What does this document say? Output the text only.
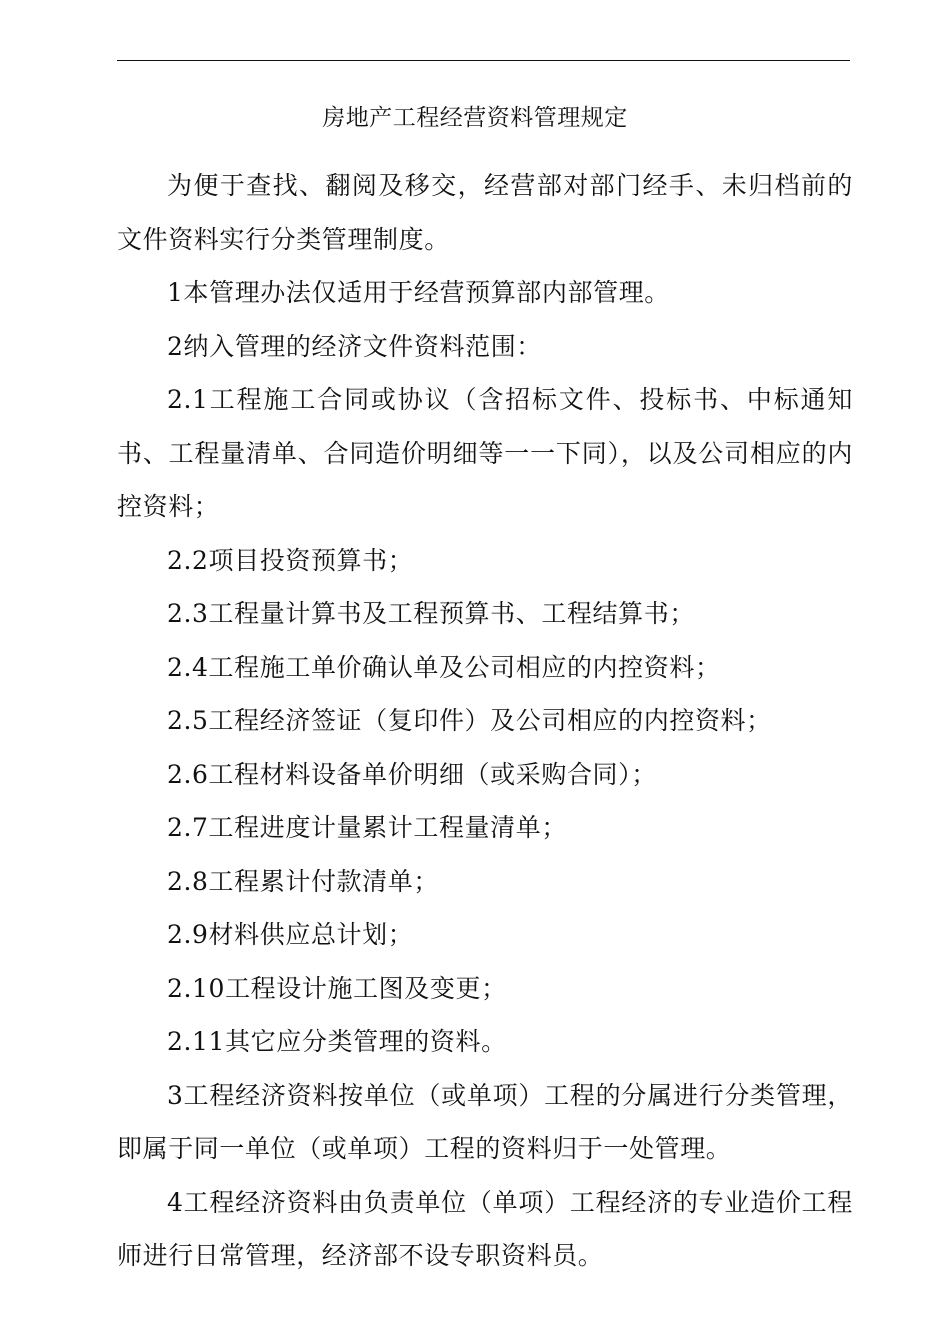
房地产工程经营资料管理规定

为便于查找、翻阅及移交，经营部对部门经手、未归档前的文件资料实行分类管理制度。

1本管理办法仅适用于经营预算部内部管理。

2纳入管理的经济文件资料范围：

2.1工程施工合同或协议（含招标文件、投标书、中标通知书、工程量清单、合同造价明细等一一下同），以及公司相应的内控资料；

2.2项目投资预算书；

2.3工程量计算书及工程预算书、工程结算书；

2.4工程施工单价确认单及公司相应的内控资料；

2.5工程经济签证（复印件）及公司相应的内控资料；

2.6工程材料设备单价明细（或采购合同）；

2.7工程进度计量累计工程量清单；

2.8工程累计付款清单；

2.9材料供应总计划；

2.10工程设计施工图及变更；

2.11其它应分类管理的资料。

3工程经济资料按单位（或单项）工程的分属进行分类管理，即属于同一单位（或单项）工程的资料归于一处管理。

4工程经济资料由负责单位（单项）工程经济的专业造价工程师进行日常管理，经济部不设专职资料员。
